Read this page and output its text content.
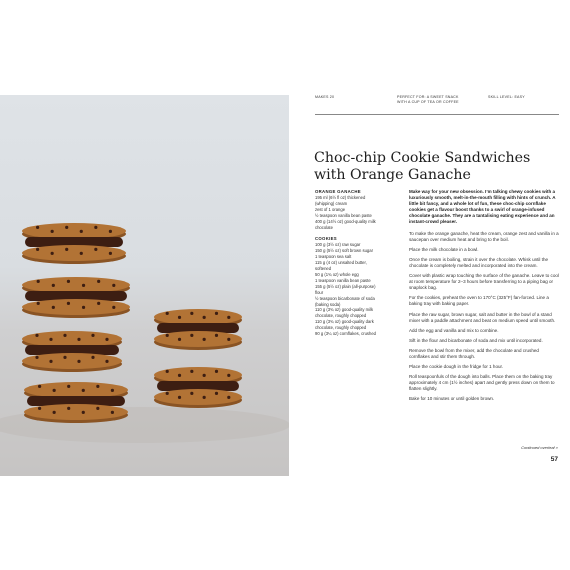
MAKES 20	PERFECT FOR: A SWEET SNACK
WITH A CUP OF TEA OR COFFEE
SKILL LEVEL: EASY
Choc-chip Cookie Sandwiches
with Orange Ganache
ORANGE GANACHE
195 ml (6½ fl oz) thickened
(whipping) cream
zest of 1 orange
½ teaspoon vanilla bean paste
400 g (14½ oz) good-quality milk
chocolate
COOKIES
100 g (3½ oz) raw sugar
150 g (5½ oz) soft brown sugar
1 teaspoon sea salt
115 g (4 oz) unsalted butter,
softened
50 g (1¾ oz) whole egg
1 teaspoon vanilla bean paste
155 g (5½ oz) plain (all-purpose)
flour
½ teaspoon bicarbonate of soda
(baking soda)
110 g (3¾ oz) good-quality milk
chocolate, roughly chopped
110 g (3¾ oz) good-quality dark
chocolate, roughly chopped
90 g (3¼ oz) cornflakes, crushed

Make way for your new obsession. I’m talking chewy cookies with a luxuriously smooth, melt-in-the-mouth filling with hints of crunch. A little bit fancy, and a whole lot of fun, these choc-chip cornflake cookies get a flavour boost thanks to a swirl of orange-infused chocolate ganache. They are a tantalising eating experience and an instant-crowd pleaser.

To make the orange ganache, heat the cream, orange zest and vanilla in a saucepan over medium heat and bring to the boil.
Place the milk chocolate in a bowl.
Once the cream is boiling, strain it over the chocolate. Whisk until the chocolate is completely melted and incorporated into the cream.
Cover with plastic wrap touching the surface of the ganache. Leave to cool at room temperature for 2–3 hours before transferring to a piping bag or snaplock bag.
For the cookies, preheat the oven to 170°C (325°F) fan-forced. Line a baking tray with baking paper.
Place the raw sugar, brown sugar, salt and butter in the bowl of a stand mixer with a paddle attachment and beat on medium speed until smooth.
Add the egg and vanilla and mix to combine.
Sift in the flour and bicarbonate of soda and mix until incorporated.
Remove the bowl from the mixer, add the chocolate and crushed cornflakes and stir them through.
Place the cookie dough in the fridge for 1 hour.
Roll teaspoonfuls of the dough into balls. Place them on the baking tray approximately 4 cm (1½ inches) apart and gently press down on them to flatten slightly.
Bake for 10 minutes or until golden brown.
Continued overleaf »
57
